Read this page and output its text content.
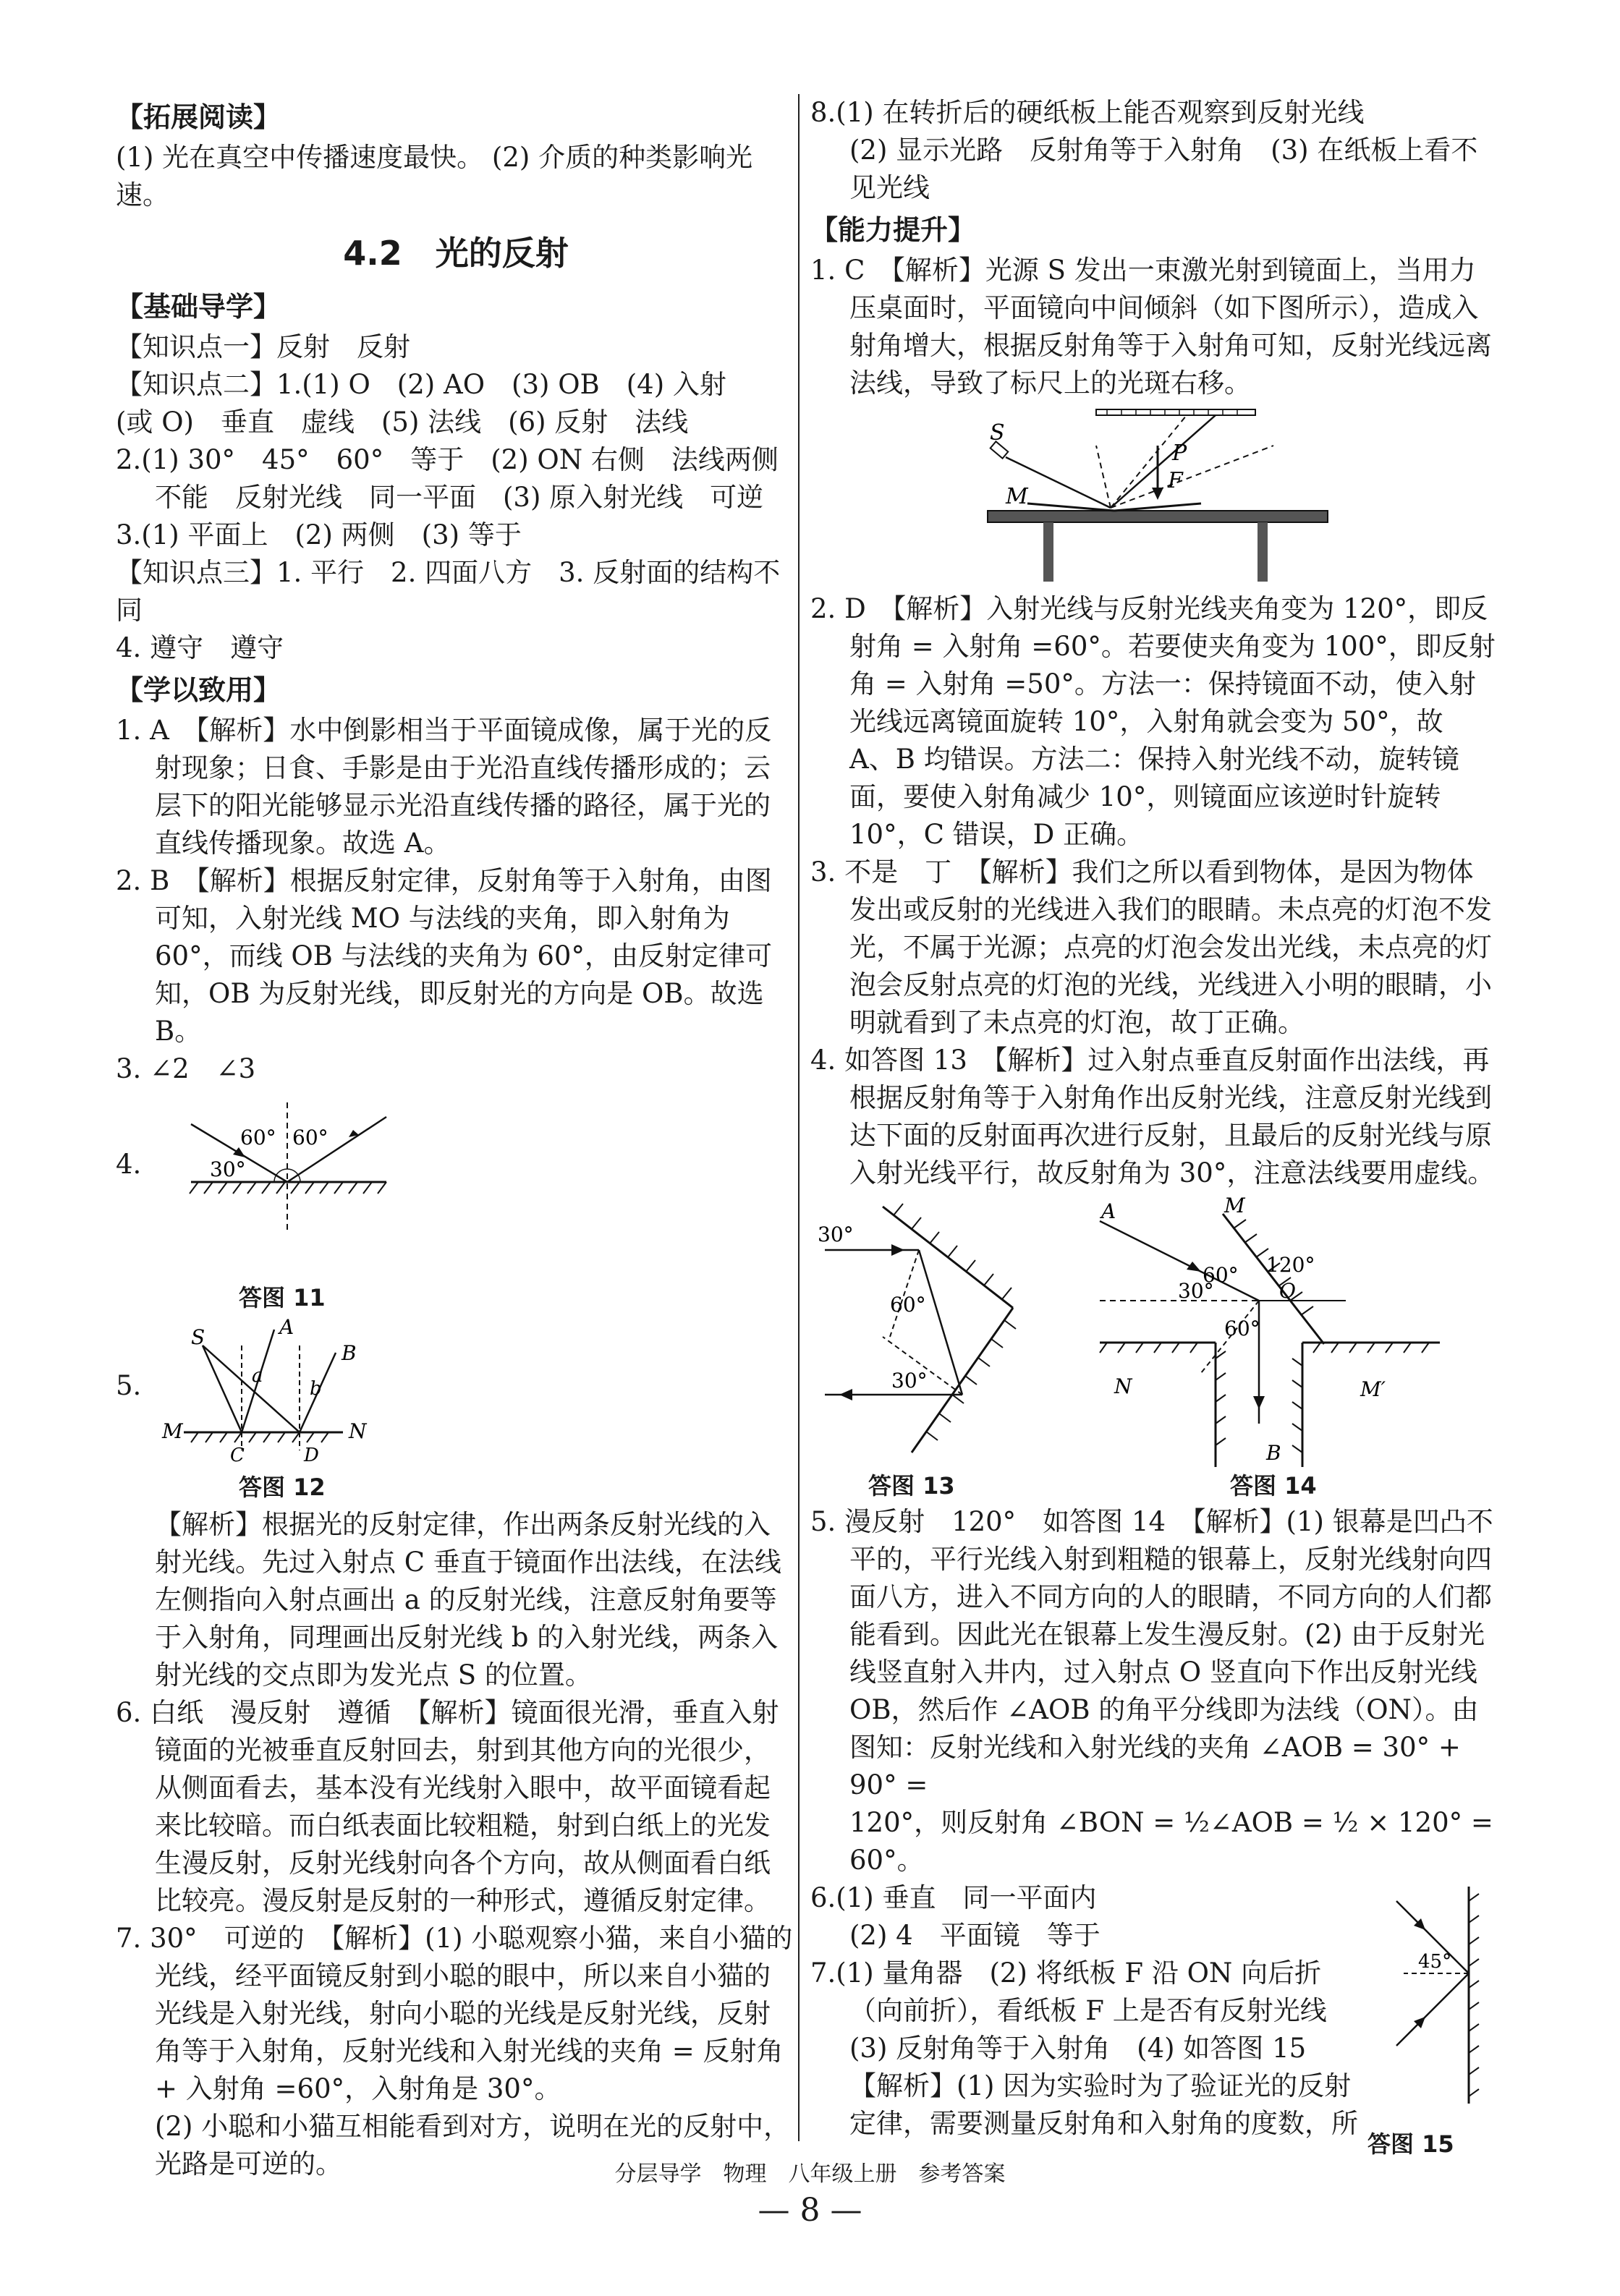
【拓展阅读】

(1) 光在真空中传播速度最快。 (2) 介质的种类影响光速。

4.2　光的反射
【基础导学】

【知识点一】反射　反射

【知识点二】1.(1) O　(2) AO　(3) OB　(4) 入射

(或 O)　垂直　虚线　(5) 法线　(6) 反射　法线

2.(1) 30°　45°　60°　等于　(2) ON 右侧　法线两侧

不能　反射光线　同一平面　(3) 原入射光线　可逆

3.(1) 平面上　(2) 两侧　(3) 等于

【知识点三】1. 平行　2. 四面八方　3. 反射面的结构不同

4. 遵守　遵守

【学以致用】

1. A　【解析】水中倒影相当于平面镜成像，属于光的反射现象；日食、手影是由于光沿直线传播形成的；云层下的阳光能够显示光沿直线传播的路径，属于光的直线传播现象。故选 A。

2. B　【解析】根据反射定律，反射角等于入射角，由图可知，入射光线 MO 与法线的夹角，即入射角为 60°，而线 OB 与法线的夹角为 60°，由反射定律可知，OB 为反射光线，即反射光的方向是 OB。故选 B。

3. ∠2　∠3

4.
60° 60°
30°
答图 11
5.
S
a
A
b
B
M	N
C	D
答图 12

【解析】根据光的反射定律，作出两条反射光线的入射光线。先过入射点 C 垂直于镜面作出法线，在法线左侧指向入射点画出 a 的反射光线，注意反射角要等于入射角，同理画出反射光线 b 的入射光线，两条入射光线的交点即为发光点 S 的位置。

6. 白纸　漫反射　遵循　【解析】镜面很光滑，垂直入射镜面的光被垂直反射回去，射到其他方向的光很少，从侧面看去，基本没有光线射入眼中，故平面镜看起来比较暗。而白纸表面比较粗糙，射到白纸上的光发生漫反射，反射光线射向各个方向，故从侧面看白纸比较亮。漫反射是反射的一种形式，遵循反射定律。

7. 30°　可逆的　【解析】(1) 小聪观察小猫，来自小猫的光线，经平面镜反射到小聪的眼中，所以来自小猫的光线是入射光线，射向小聪的光线是反射光线，反射角等于入射角，反射光线和入射光线的夹角 = 反射角 + 入射角 =60°，入射角是 30°。

(2) 小聪和小猫互相能看到对方，说明在光的反射中，光路是可逆的。

8.(1) 在转折后的硬纸板上能否观察到反射光线

(2) 显示光路　反射角等于入射角　(3) 在纸板上看不见光线

【能力提升】

1. C　【解析】光源 S 发出一束激光射到镜面上，当用力压桌面时，平面镜向中间倾斜（如下图所示），造成入射角增大，根据反射角等于入射角可知，反射光线远离法线，导致了标尺上的光斑右移。

S
P
M
F

2. D　【解析】入射光线与反射光线夹角变为 120°，即反射角 = 入射角 =60°。若要使夹角变为 100°，即反射角 = 入射角 =50°。方法一：保持镜面不动，使入射光线远离镜面旋转 10°，入射角就会变为 50°，故 A、B 均错误。方法二：保持入射光线不动，旋转镜面，要使入射角减少 10°，则镜面应该逆时针旋转 10°，C 错误，D 正确。

3. 不是　丁　【解析】我们之所以看到物体，是因为物体发出或反射的光线进入我们的眼睛。未点亮的灯泡不发光，不属于光源；点亮的灯泡会发出光线，未点亮的灯泡会反射点亮的灯泡的光线，光线进入小明的眼睛，小明就看到了未点亮的灯泡，故丁正确。

4. 如答图 13　【解析】过入射点垂直反射面作出法线，再根据反射角等于入射角作出反射光线，注意反射光线到达下面的反射面再次进行反射，且最后的反射光线与原入射光线平行，故反射角为 30°，注意法线要用虚线。

30°
60°
30°
答图 13
M
A
120°
60°
30°	O
60°
N	M′
B
答图 14

5. 漫反射　120°　如答图 14　【解析】(1) 银幕是凹凸不平的，平行光线入射到粗糙的银幕上，反射光线射向四面八方，进入不同方向的人的眼睛，不同方向的人们都能看到。因此光在银幕上发生漫反射。(2) 由于反射光线竖直射入井内，过入射点 O 竖直向下作出反射光线 OB，然后作 ∠AOB 的角平分线即为法线（ON）。由图知：反射光线和入射光线的夹角 ∠AOB = 30° + 90° =

120°，则反射角 ∠BON = ½∠AOB = ½ × 120° = 60°。

6.(1) 垂直　同一平面内

(2) 4　平面镜　等于

7.(1) 量角器　(2) 将纸板 F 沿 ON 向后折（向前折），看纸板 F 上是否有反射光线

(3) 反射角等于入射角　(4) 如答图 15

【解析】(1) 因为实验时为了验证光的反射定律，需要测量反射角和入射角的度数，所

45°
答图 15
分层导学　物理　八年级上册　参考答案
— 8 —
